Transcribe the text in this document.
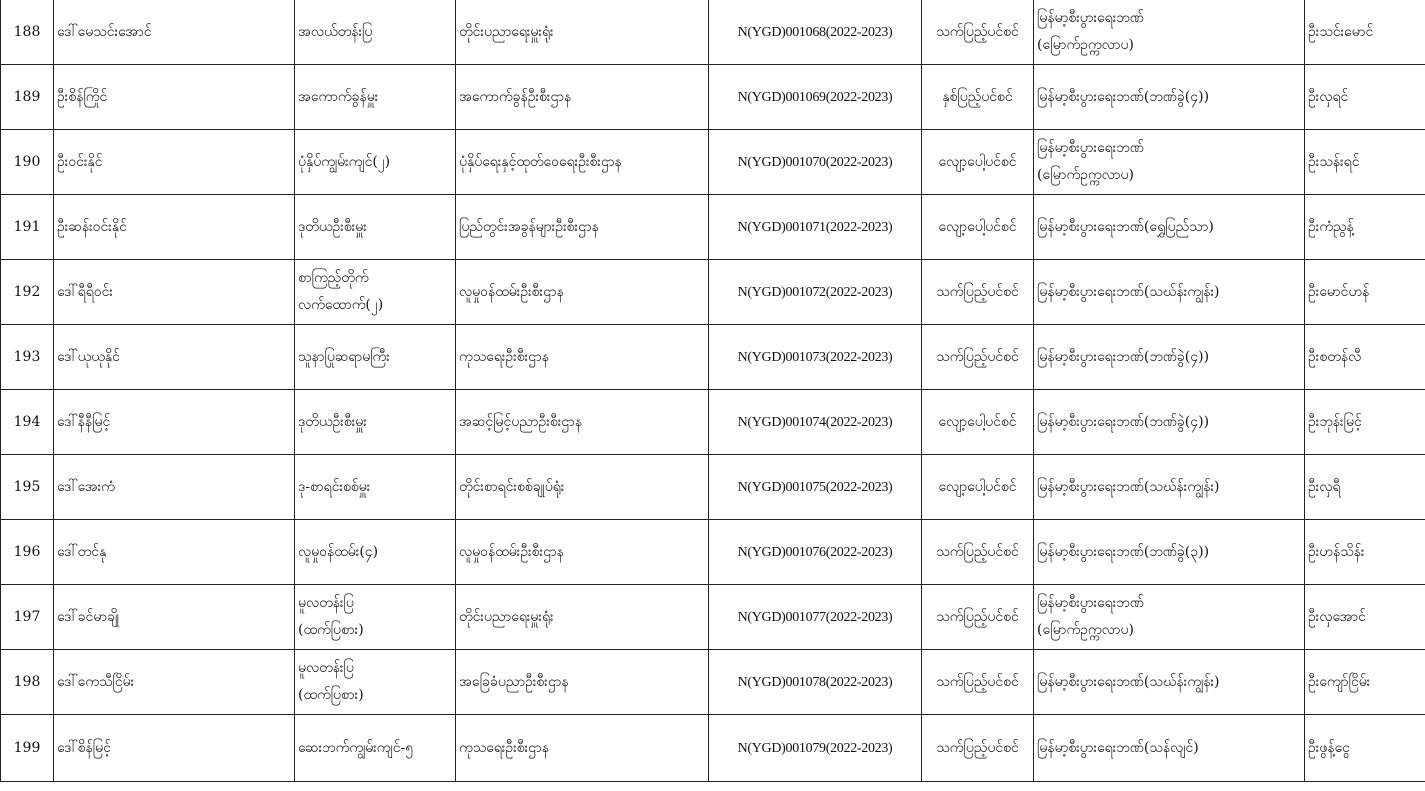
188	ဒေါ်မေသင်းအောင်	အလယ်တန်းပြ	တိုင်းပညာရေးမှူးရုံး	N(YGD)001068(2022-2023)	သက်ပြည့်ပင်စင်	မြန်မာ့စီးပွားရေးဘဏ်
(မြောက်ဥက္ကလာပ)	ဦးသင်းမောင်
189	ဦးစိန်ကြိုင်	အကောက်ခွန်မှူး	အကောက်ခွန်ဦးစီးဌာန	N(YGD)001069(2022-2023)	နှစ်ပြည့်ပင်စင်	မြန်မာ့စီးပွားရေးဘဏ်(ဘဏ်ခွဲ(၄))	ဦးလှရင်
190	ဦးဝင်းနိုင်	ပုံနှိပ်ကျွမ်းကျင်(၂)	ပုံနှိပ်ရေးနှင့်ထုတ်ဝေရေးဦးစီးဌာန	N(YGD)001070(2022-2023)	လျော့ပေါ့ပင်စင်	မြန်မာ့စီးပွားရေးဘဏ်
(မြောက်ဥက္ကလာပ)	ဦးသန်းရင်
191	ဦးဆန်းဝင်းနိုင်	ဒုတိယဦးစီးမှူး	ပြည်တွင်းအခွန်များဦးစီးဌာန	N(YGD)001071(2022-2023)	လျော့ပေါ့ပင်စင်	မြန်မာ့စီးပွားရေးဘဏ်(ရွှေပြည်သာ)	ဦးကံညွန့်
192	ဒေါ်ရီရီဝင်း	စာကြည့်တိုက်
လက်ထောက်(၂)	လူမှုဝန်ထမ်းဦးစီးဌာန	N(YGD)001072(2022-2023)	သက်ပြည့်ပင်စင်	မြန်မာ့စီးပွားရေးဘဏ်(သဃ်န်းကျွန်း)	ဦးမောင်ဟန်
193	ဒေါ်ယုယုနိုင်	သူနာပြုဆရာမကြီး	ကုသရေးဦးစီးဌာန	N(YGD)001073(2022-2023)	သက်ပြည့်ပင်စင်	မြန်မာ့စီးပွားရေးဘဏ်(ဘဏ်ခွဲ(၄))	ဦးစတန်လီ
194	ဒေါ်နီနီမြင့်	ဒုတိယဦးစီးမှူး	အဆင့်မြင့်ပညာဦးစီးဌာန	N(YGD)001074(2022-2023)	လျော့ပေါ့ပင်စင်	မြန်မာ့စီးပွားရေးဘဏ်(ဘဏ်ခွဲ(၄))	ဦးဘုန်းမြင့်
195	ဒေါ်အေးကံ	ဒု-စာရင်းစစ်မှူး	တိုင်းစာရင်းစစ်ချုပ်ရုံး	N(YGD)001075(2022-2023)	လျော့ပေါ့ပင်စင်	မြန်မာ့စီးပွားရေးဘဏ်(သဃ်န်းကျွန်း)	ဦးလှရီ
196	ဒေါ်တင်နု	လူမှုဝန်ထမ်း(၄)	လူမှုဝန်ထမ်းဦးစီးဌာန	N(YGD)001076(2022-2023)	သက်ပြည့်ပင်စင်	မြန်မာ့စီးပွားရေးဘဏ်(ဘဏ်ခွဲ(၃))	ဦးဟန်သိန်း
197	ဒေါ်ခင်မာချို	မူလတန်းပြ
(ထက်ပြစား)	တိုင်းပညာရေးမှူးရုံး	N(YGD)001077(2022-2023)	သက်ပြည့်ပင်စင်	မြန်မာ့စီးပွားရေးဘဏ်
(မြောက်ဥက္ကလာပ)	ဦးလှအောင်
198	ဒေါ်ကေသီငြိမ်း	မူလတန်းပြ
(ထက်ပြစား)	အခြေခံပညာဦးစီးဌာန	N(YGD)001078(2022-2023)	သက်ပြည့်ပင်စင်	မြန်မာ့စီးပွားရေးဘဏ်(သဃ်န်းကျွန်း)	ဦးကျော်ငြိမ်း
199	ဒေါ်စိန်မြင့်	ဆေးဘက်ကျွမ်းကျင်-၅	ကုသရေးဦးစီးဌာန	N(YGD)001079(2022-2023)	သက်ပြည့်ပင်စင်	မြန်မာ့စီးပွားရေးဘဏ်(သန်လျင်)	ဦးဖွန့်ငွေ
